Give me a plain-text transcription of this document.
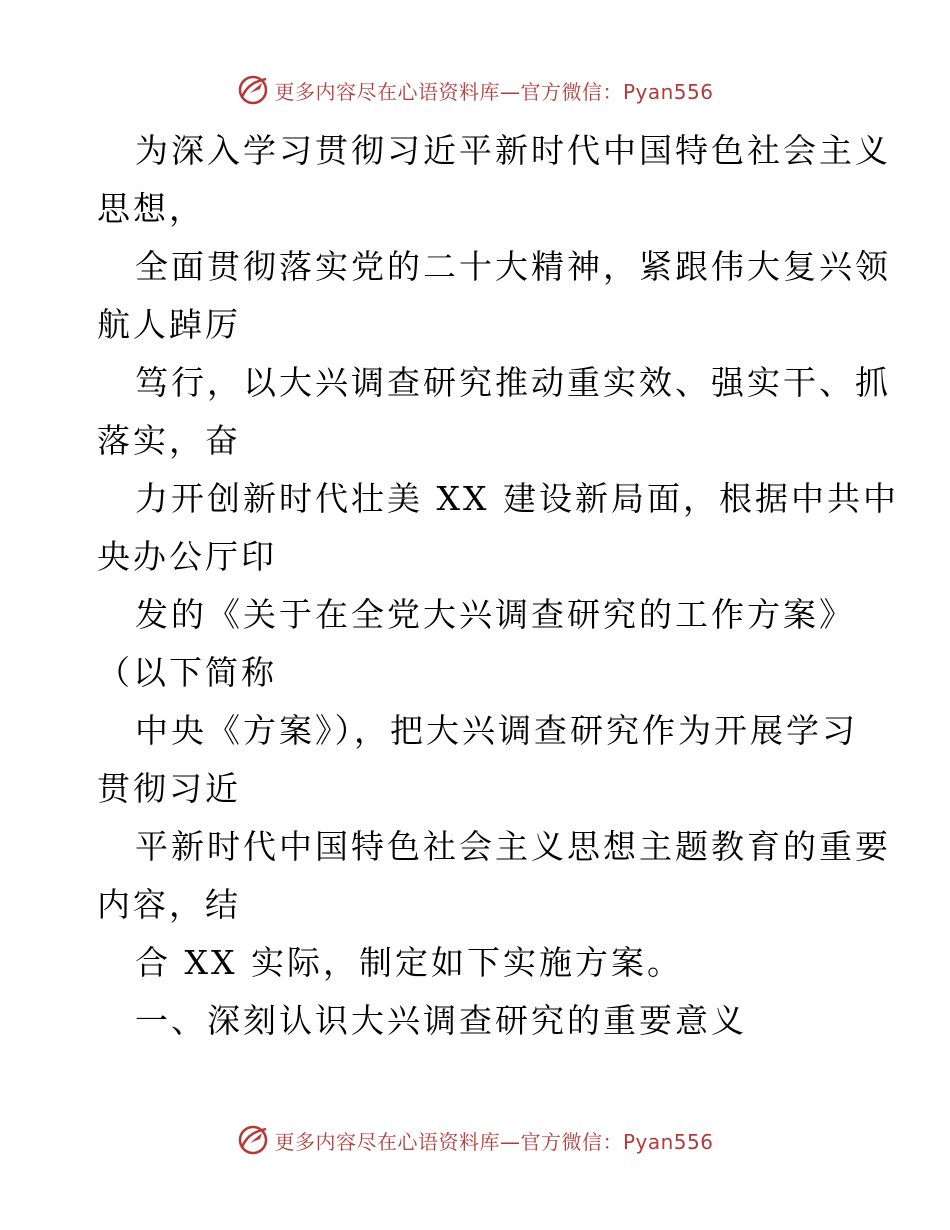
更多内容尽在心语资料库—官方微信：Pyan556
为深入学习贯彻习近平新时代中国特色社会主义
思想，
全面贯彻落实党的二十大精神，紧跟伟大复兴领
航人踔厉
笃行，以大兴调查研究推动重实效、强实干、抓
落实，奋
力开创新时代壮美 XX 建设新局面，根据中共中
央办公厅印
发的《关于在全党大兴调查研究的工作方案》
（以下简称
中央《方案》），把大兴调查研究作为开展学习
贯彻习近
平新时代中国特色社会主义思想主题教育的重要
内容，结
合 XX 实际，制定如下实施方案。
一、深刻认识大兴调查研究的重要意义
更多内容尽在心语资料库—官方微信：Pyan556
